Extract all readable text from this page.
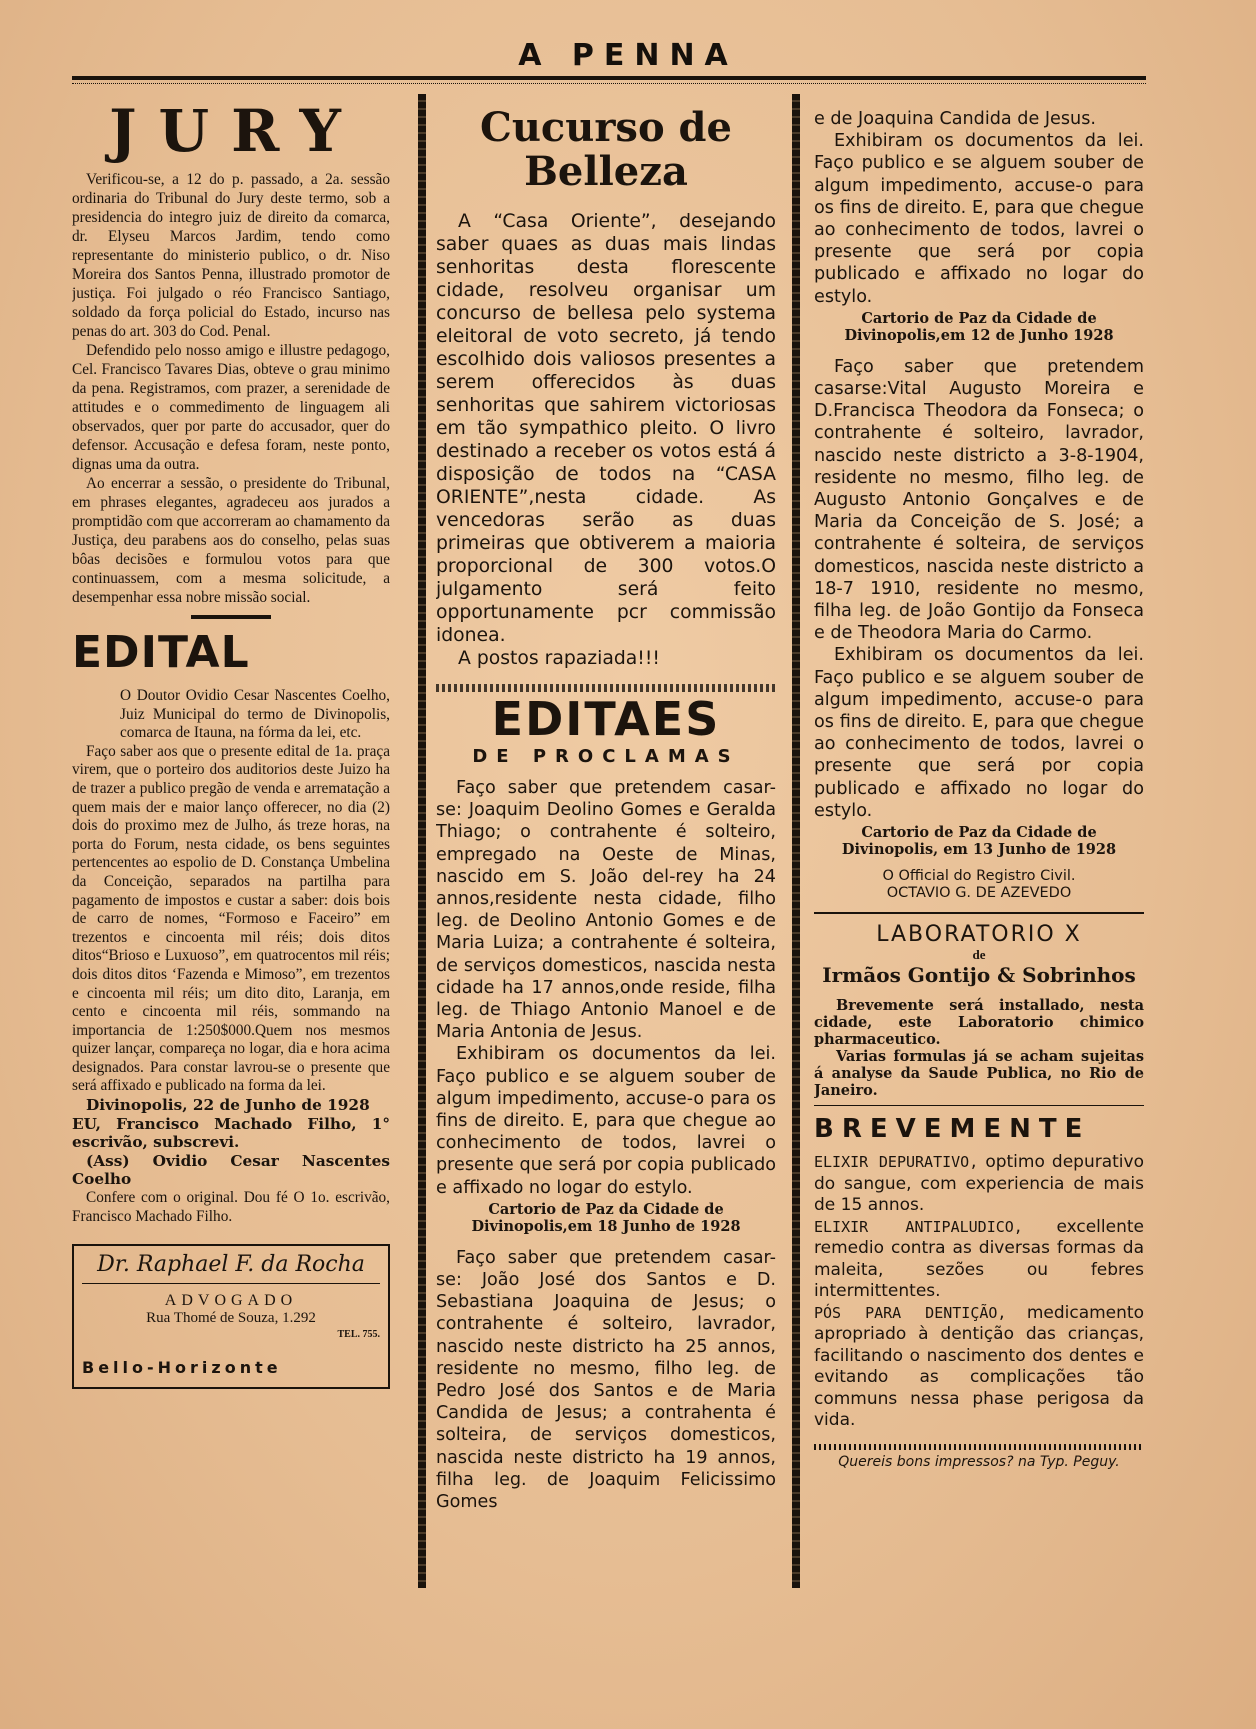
A PENNA
JURY

Verificou-se, a 12 do p. passado, a 2a. sessão ordinaria do Tribunal do Jury deste termo, sob a presidencia do integro juiz de direito da comarca, dr. Elyseu Marcos Jardim, tendo como representante do ministerio publico, o dr. Niso Moreira dos Santos Penna, illustrado promotor de justiça. Foi julgado o réo Francisco Santiago, soldado da força policial do Estado, incurso nas penas do art. 303 do Cod. Penal.

Defendido pelo nosso amigo e illustre pedagogo, Cel. Francisco Tavares Dias, obteve o grau minimo da pena. Registramos, com prazer, a serenidade de attitudes e o commedimento de linguagem ali observados, quer por parte do accusador, quer do defensor. Accusação e defesa foram, neste ponto, dignas uma da outra.

Ao encerrar a sessão, o presidente do Tribunal, em phrases elegantes, agradeceu aos jurados a promptidão com que accorreram ao chamamento da Justiça, deu parabens aos do conselho, pelas suas bôas decisões e formulou votos para que continuassem, com a mesma solicitude, a desempenhar essa nobre missão social.

EDITAL
O Doutor Ovidio Cesar Nascentes Coelho, Juiz Municipal do termo de Divinopolis, comarca de Itauna, na fórma da lei, etc.

Faço saber aos que o presente edital de 1a. praça virem, que o porteiro dos auditorios deste Juizo ha de trazer a publico pregão de venda e arrematação a quem mais der e maior lanço offerecer, no dia (2) dois do proximo mez de Julho, ás treze horas, na porta do Forum, nesta cidade, os bens seguintes pertencentes ao espolio de D. Constança Umbelina da Conceição, separados na partilha para pagamento de impostos e custar a saber: dois bois de carro de nomes, “Formoso e Faceiro” em trezentos e cincoenta mil réis; dois ditos ditos“Brioso e Luxuoso”, em quatrocentos mil réis; dois ditos ditos ‘Fazenda e Mimoso”, em trezentos e cincoenta mil réis; um dito dito, Laranja, em cento e cincoenta mil réis, sommando na importancia de 1:250$000.Quem nos mesmos quizer lançar, compareça no logar, dia e hora acima designados. Para constar lavrou-se o presente que será affixado e publicado na forma da lei.

Divinopolis, 22 de Junho de 1928

EU, Francisco Machado Filho, 1° escrivão, subscrevi.

(Ass) Ovidio Cesar Nascentes Coelho

Confere com o original. Dou fé O 1o. escrivão, Francisco Machado Filho.

Dr. Raphael F. da Rocha
ADVOGADO
Rua Thomé de Souza, 1.292
TEL. 755.
Bello-Horizonte
Cucurso de Belleza

A “Casa Oriente”, desejando saber quaes as duas mais lindas senhoritas desta florescente cidade, resolveu organisar um concurso de bellesa pelo systema eleitoral de voto secreto, já tendo escolhido dois valiosos presentes a serem offerecidos às duas senhoritas que sahirem victoriosas em tão sympathico pleito. O livro destinado a receber os votos está á disposição de todos na “CASA ORIENTE”,nesta cidade. As vencedoras serão as duas primeiras que obtiverem a maioria proporcional de 300 votos.O julgamento será feito opportunamente pcr commissão idonea.

A postos rapaziada!!!

EDITAES
DE PROCLAMAS

Faço saber que pretendem casar-se: Joaquim Deolino Gomes e Geralda Thiago; o contrahente é solteiro, empregado na Oeste de Minas, nascido em S. João del-rey ha 24 annos,residente nesta cidade, filho leg. de Deolino Antonio Gomes e de Maria Luiza; a contrahente é solteira, de serviços domesticos, nascida nesta cidade ha 17 annos,onde reside, filha leg. de Thiago Antonio Manoel e de Maria Antonia de Jesus.

Exhibiram os documentos da lei. Faço publico e se alguem souber de algum impedimento, accuse-o para os fins de direito. E, para que chegue ao conhecimento de todos, lavrei o presente que será por copia publicado e affixado no logar do estylo.

Cartorio de Paz da Cidade de Divinopolis,em 18 Junho de 1928

Faço saber que pretendem casar-se: João José dos Santos e D. Sebastiana Joaquina de Jesus; o contrahente é solteiro, lavrador, nascido neste districto ha 25 annos, residente no mesmo, filho leg. de Pedro José dos Santos e de Maria Candida de Jesus; a contrahenta é solteira, de serviços domesticos, nascida neste districto ha 19 annos, filha leg. de Joaquim Felicissimo Gomes

e de Joaquina Candida de Jesus.

Exhibiram os documentos da lei. Faço publico e se alguem souber de algum impedimento, accuse-o para os fins de direito. E, para que chegue ao conhecimento de todos, lavrei o presente que será por copia publicado e affixado no logar do estylo.

Cartorio de Paz da Cidade de Divinopolis,em 12 de Junho 1928

Faço saber que pretendem casarse:Vital Augusto Moreira e D.Francisca Theodora da Fonseca; o contrahente é solteiro, lavrador, nascido neste districto a 3-8-1904, residente no mesmo, filho leg. de Augusto Antonio Gonçalves e de Maria da Conceição de S. José; a contrahente é solteira, de serviços domesticos, nascida neste districto a 18-7 1910, residente no mesmo, filha leg. de João Gontijo da Fonseca e de Theodora Maria do Carmo.

Exhibiram os documentos da lei. Faço publico e se alguem souber de algum impedimento, accuse-o para os fins de direito. E, para que chegue ao conhecimento de todos, lavrei o presente que será por copia publicado e affixado no logar do estylo.

Cartorio de Paz da Cidade de Divinopolis, em 13 Junho de 1928
O Official do Registro Civil.
OCTAVIO G. DE AZEVEDO
LABORATORIO X
de
Irmãos Gontijo & Sobrinhos

Brevemente será installado, nesta cidade, este Laboratorio chimico pharmaceutico.

Varias formulas já se acham sujeitas á analyse da Saude Publica, no Rio de Janeiro.

BREVEMENTE
ELIXIR DEPURATIVO, optimo depurativo do sangue, com experiencia de mais de 15 annos.
ELIXIR ANTIPALUDICO, excellente remedio contra as diversas formas da maleita, sezões ou febres intermittentes.
PÓS PARA DENTIÇÃO, medicamento apropriado à dentição das crianças, facilitando o nascimento dos dentes e evitando as complicações tão communs nessa phase perigosa da vida.
Quereis bons impressos? na Typ. Peguy.
